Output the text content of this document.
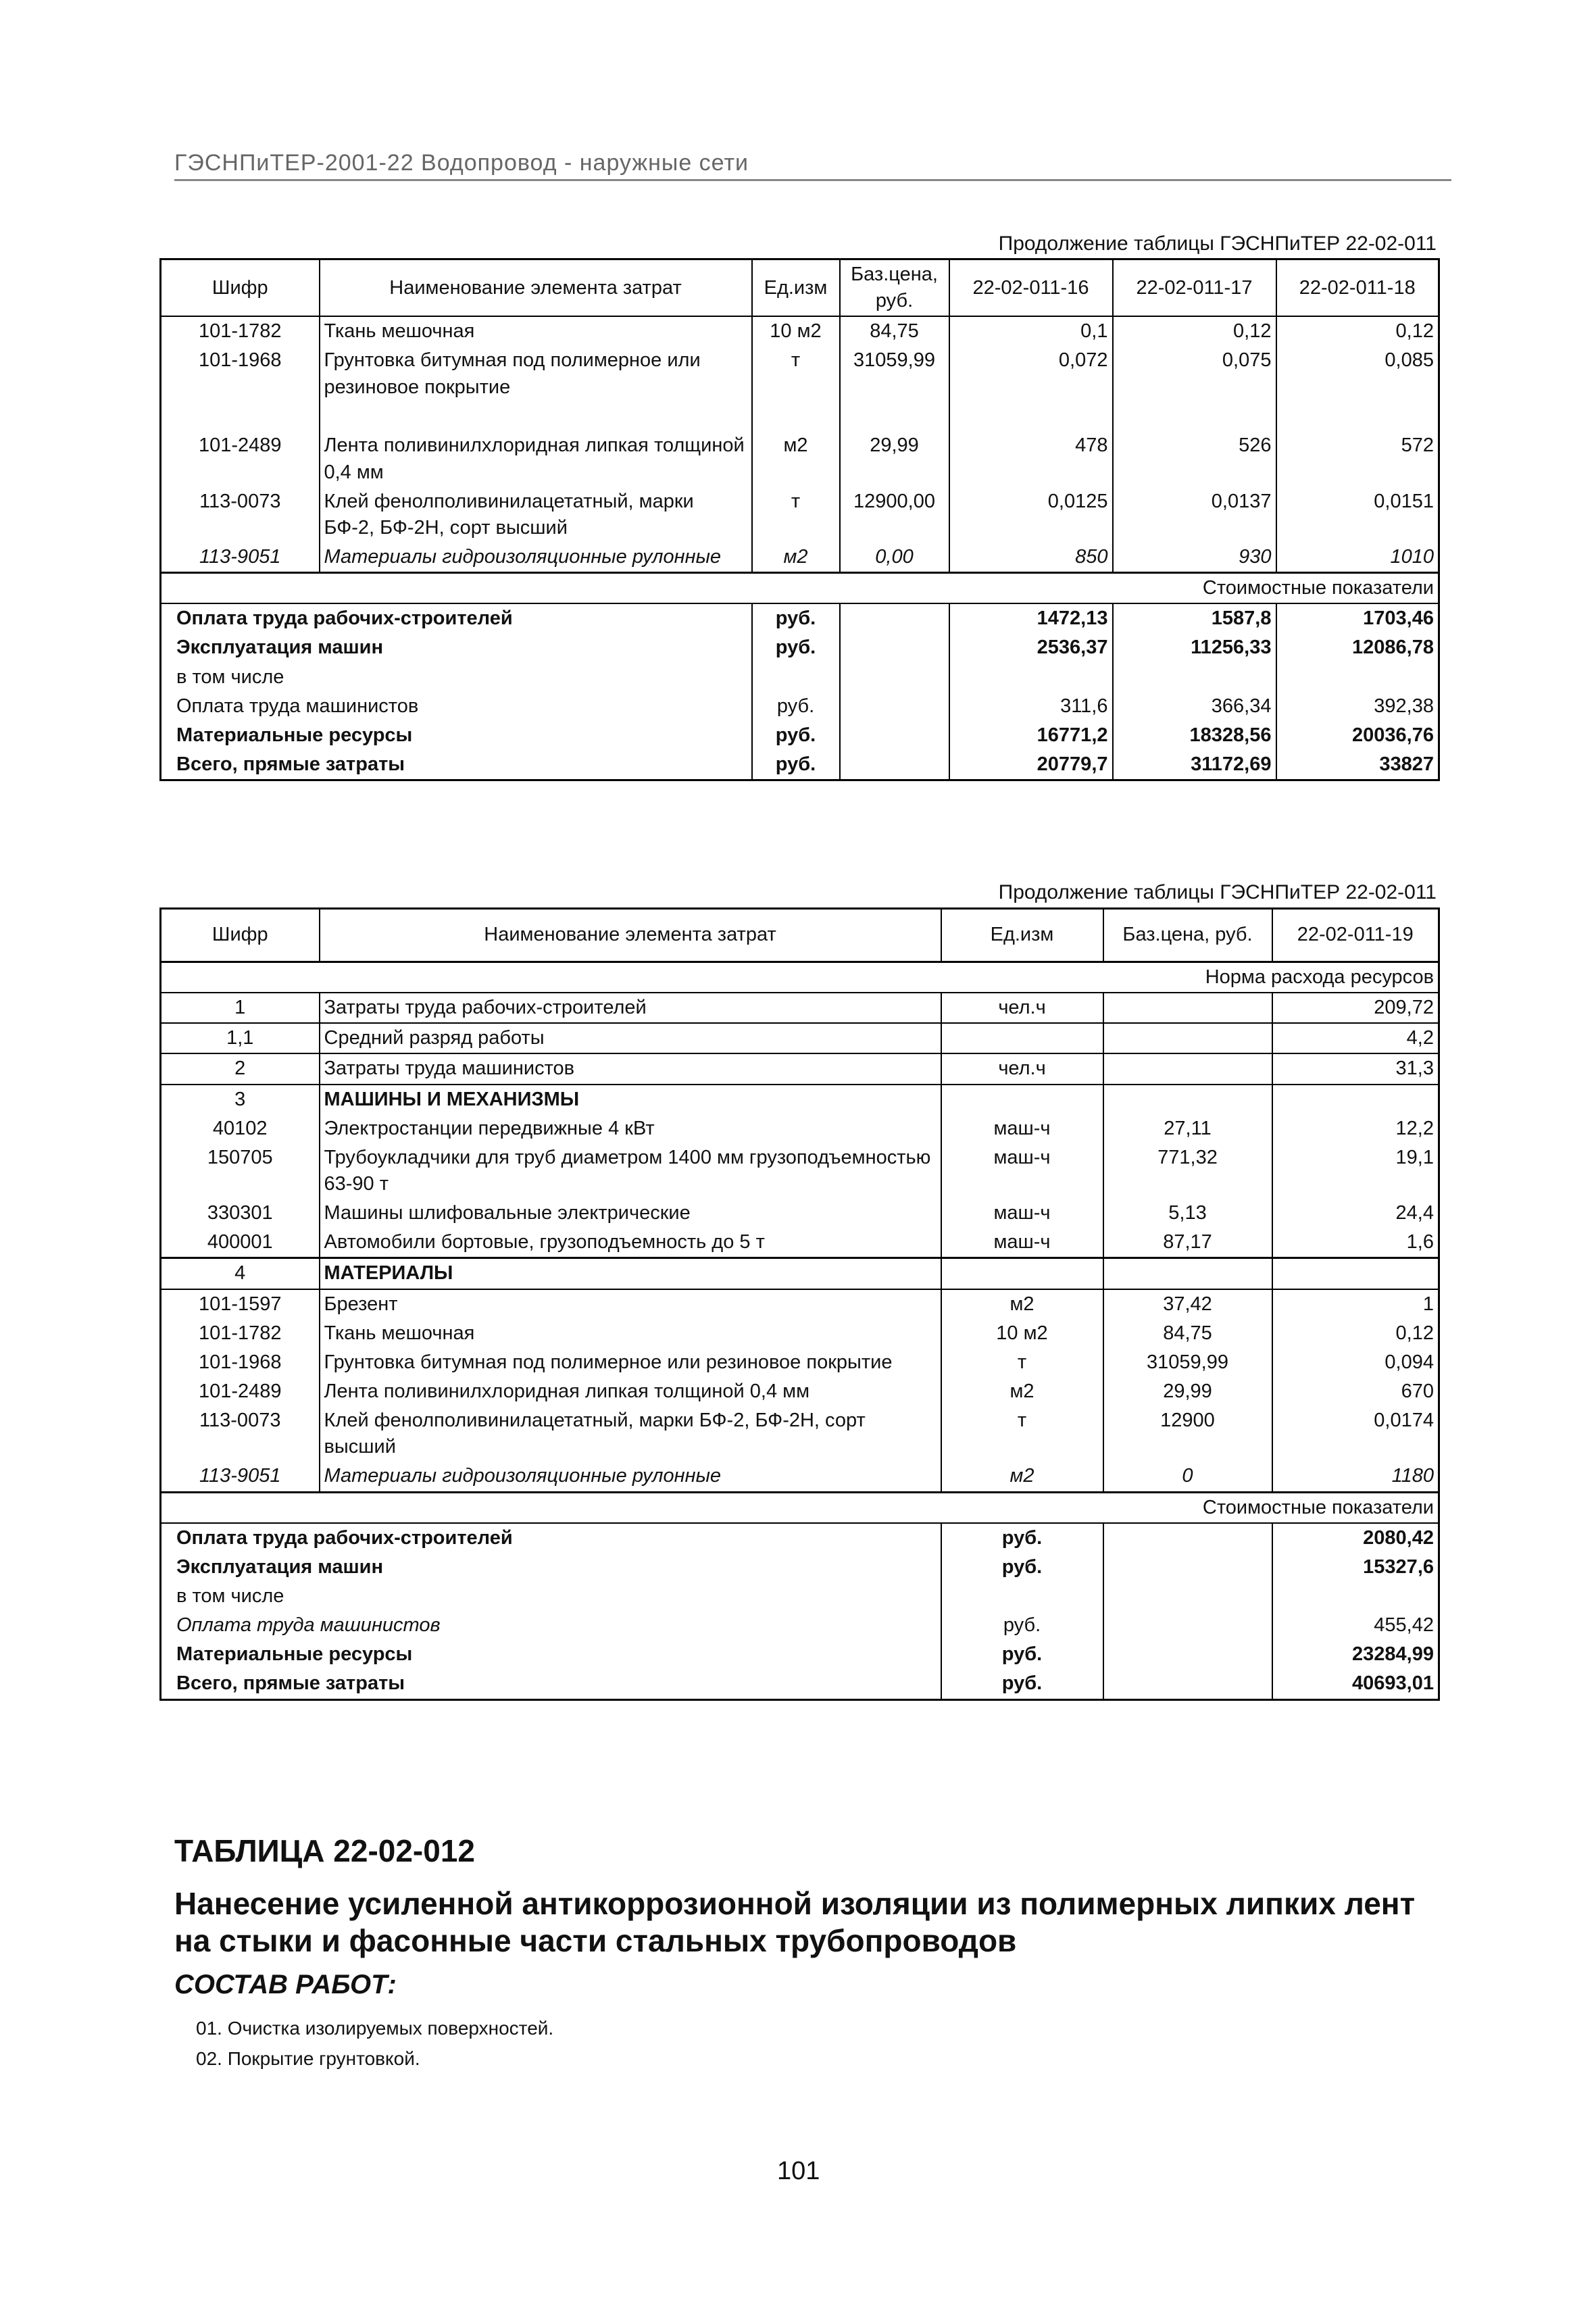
ГЭСНПиТЕР-2001-22 Водопровод - наружные сети
Продолжение таблицы ГЭСНПиТЕР 22-02-011
Шифр	Наименование элемента затрат	Ед.изм	Баз.цена, руб.	22-02-011-16	22-02-011-17	22-02-011-18
101-1782	Ткань мешочная	10 м2	84,75	0,1	0,12	0,12
101-1968	Грунтовка битумная под полимерное или резиновое покрытие	т	31059,99	0,072	0,075	0,085
101-2489	Лента поливинилхлоридная липкая толщиной 0,4 мм	м2	29,99	478	526	572
113-0073	Клей фенолполивинилацетатный, марки БФ-2, БФ-2Н, сорт высший	т	12900,00	0,0125	0,0137	0,0151
113-9051	Материалы гидроизоляционные рулонные	м2	0,00	850	930	1010
Стоимостные показатели						
Оплата труда рабочих-строителей		руб.		1472,13	1587,8	1703,46
Эксплуатация машин		руб.		2536,37	11256,33	12086,78
в том числе						
Оплата труда машинистов		руб.		311,6	366,34	392,38
Материальные ресурсы		руб.		16771,2	18328,56	20036,76
Всего, прямые затраты		руб.		20779,7	31172,69	33827
Продолжение таблицы ГЭСНПиТЕР 22-02-011
Шифр	Наименование элемента затрат	Ед.изм	Баз.цена, руб.	22-02-011-19
Норма расхода ресурсов				
1	Затраты труда рабочих-строителей	чел.ч		209,72
1,1	Средний разряд работы			4,2
2	Затраты труда машинистов	чел.ч		31,3
3	МАШИНЫ И МЕХАНИЗМЫ			
40102	Электростанции передвижные 4 кВт	маш-ч	27,11	12,2
150705	Трубоукладчики для труб диаметром 1400 мм грузоподъемностью 63-90 т	маш-ч	771,32	19,1
330301	Машины шлифовальные электрические	маш-ч	5,13	24,4
400001	Автомобили бортовые, грузоподъемность до 5 т	маш-ч	87,17	1,6
4	МАТЕРИАЛЫ			
101-1597	Брезент	м2	37,42	1
101-1782	Ткань мешочная	10 м2	84,75	0,12
101-1968	Грунтовка битумная под полимерное или резиновое покрытие	т	31059,99	0,094
101-2489	Лента поливинилхлоридная липкая толщиной 0,4 мм	м2	29,99	670
113-0073	Клей фенолполивинилацетатный, марки БФ-2, БФ-2Н, сорт высший	т	12900	0,0174
113-9051	Материалы гидроизоляционные рулонные	м2	0	1180
Стоимостные показатели				
Оплата труда рабочих-строителей		руб.		2080,42
Эксплуатация машин		руб.		15327,6
в том числе				
Оплата труда машинистов		руб.		455,42
Материальные ресурсы		руб.		23284,99
Всего, прямые затраты		руб.		40693,01
ТАБЛИЦА 22-02-012
Нанесение усиленной антикоррозионной изоляции из полимерных липких лент на стыки и фасонные части стальных трубопроводов
СОСТАВ РАБОТ:
01. Очистка изолируемых поверхностей.
02. Покрытие грунтовкой.
101
